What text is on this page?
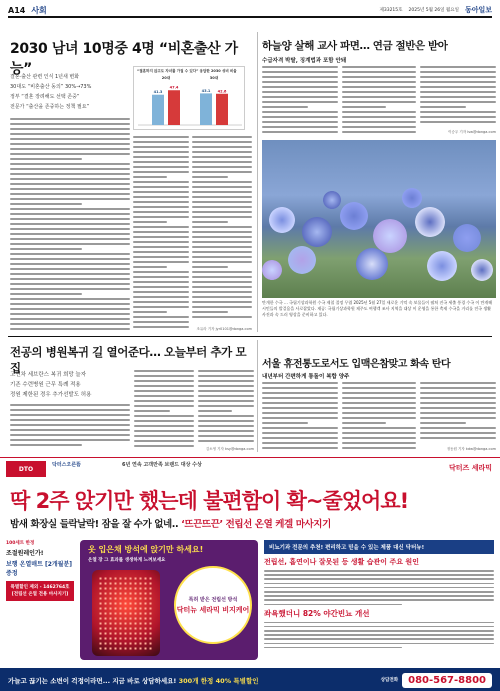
A14 사회	제33215호 2025년 5월 26일 월요일 동아일보
2030 남녀 10명중 4명 “비혼출산 가능”
결혼·출산 관련 인식 1년새 변화
30대도 “비혼출산 동의” 30%→73%
정부 “결혼 장려해도 선택 존중”
전문가 “출산을 존중하는 정책 필요”
“결혼하지 않고도 자녀를 가질 수 있다” 응답한 2030 성비 비율
41.3
47.4
20대
43.1 42.6
30대
조유라 기자 jyr0101@donga.com
하늘양 살해 교사 파면… 연금 절반은 받아
수급자격 박탈, 징계법과 포함 안돼
이승우 기자 lsw@donga.com
만개한 수국 … 국립기상과학원 수국 제철 절정 무렵 2025년 5월 27일 새로운 기억 속 보물들이 펼쳐 진국 세출 풍경 수국 이 만개해 시민들의 발걸음을 사로잡았다. 제공: 국립기상과학원 제주도 여행객 조사 지역을 대상 이 운영을 통한 축제 수국을 거리를 전국 생활 사진과 속 드러 영상을 준비하고 있다.
전공의 병원복귀 길 열어준다… 오늘부터 추가 모집
고연차 세브란스 복귀 희망 늘자
기존 수련병원 근무 특례 적용
정원 제한된 경우 추가선발도 허용
김소영 기자 ksy@donga.com
서울 휴전통도로서도 입맥은참맞고 화속 탄다
내년부터 간편하게 통돌이 복합 양주
정동원 기자 kdw@donga.com
DTO
닥터스오른뜸	6년 연속 고객만족 브랜드 대상 수상	닥터즈 세라믹
딱 2주 앉기만 했는데 불편함이 확~줄었어요!
밤새 화장실 들락날락! 잠을 잘 수가 없네.. ‘뜨끈뜨끈’ 전립선 온열 케겔 마사지기
100세트 한정
조절원레인가!
보행 온열매트 [2개월분] 증정
특별할인 제외 - 1462764호 [전립선 온열 전용 마사지기]
옷 입은채 방석에 앉기만 하세요!
온열 장 그 효과를 생생하게 느껴보세요
특허 받은 전립선 방석
닥터뉴 세라믹 비지케어
비뇨기과 전문의 추천! 편리하고 믿을 수 있는 제품 대신 닥터뉴!
전립선, 흡연이나 잘못된 등 생활 습관이 주요 원인
좌욕했더니 82% 야간빈뇨 개선
가늘고 끊기는 소변이 걱정이라면... 지금 바로 상담하세요! 300개 한정 40% 특별할인	상담전화	080-567-8800
